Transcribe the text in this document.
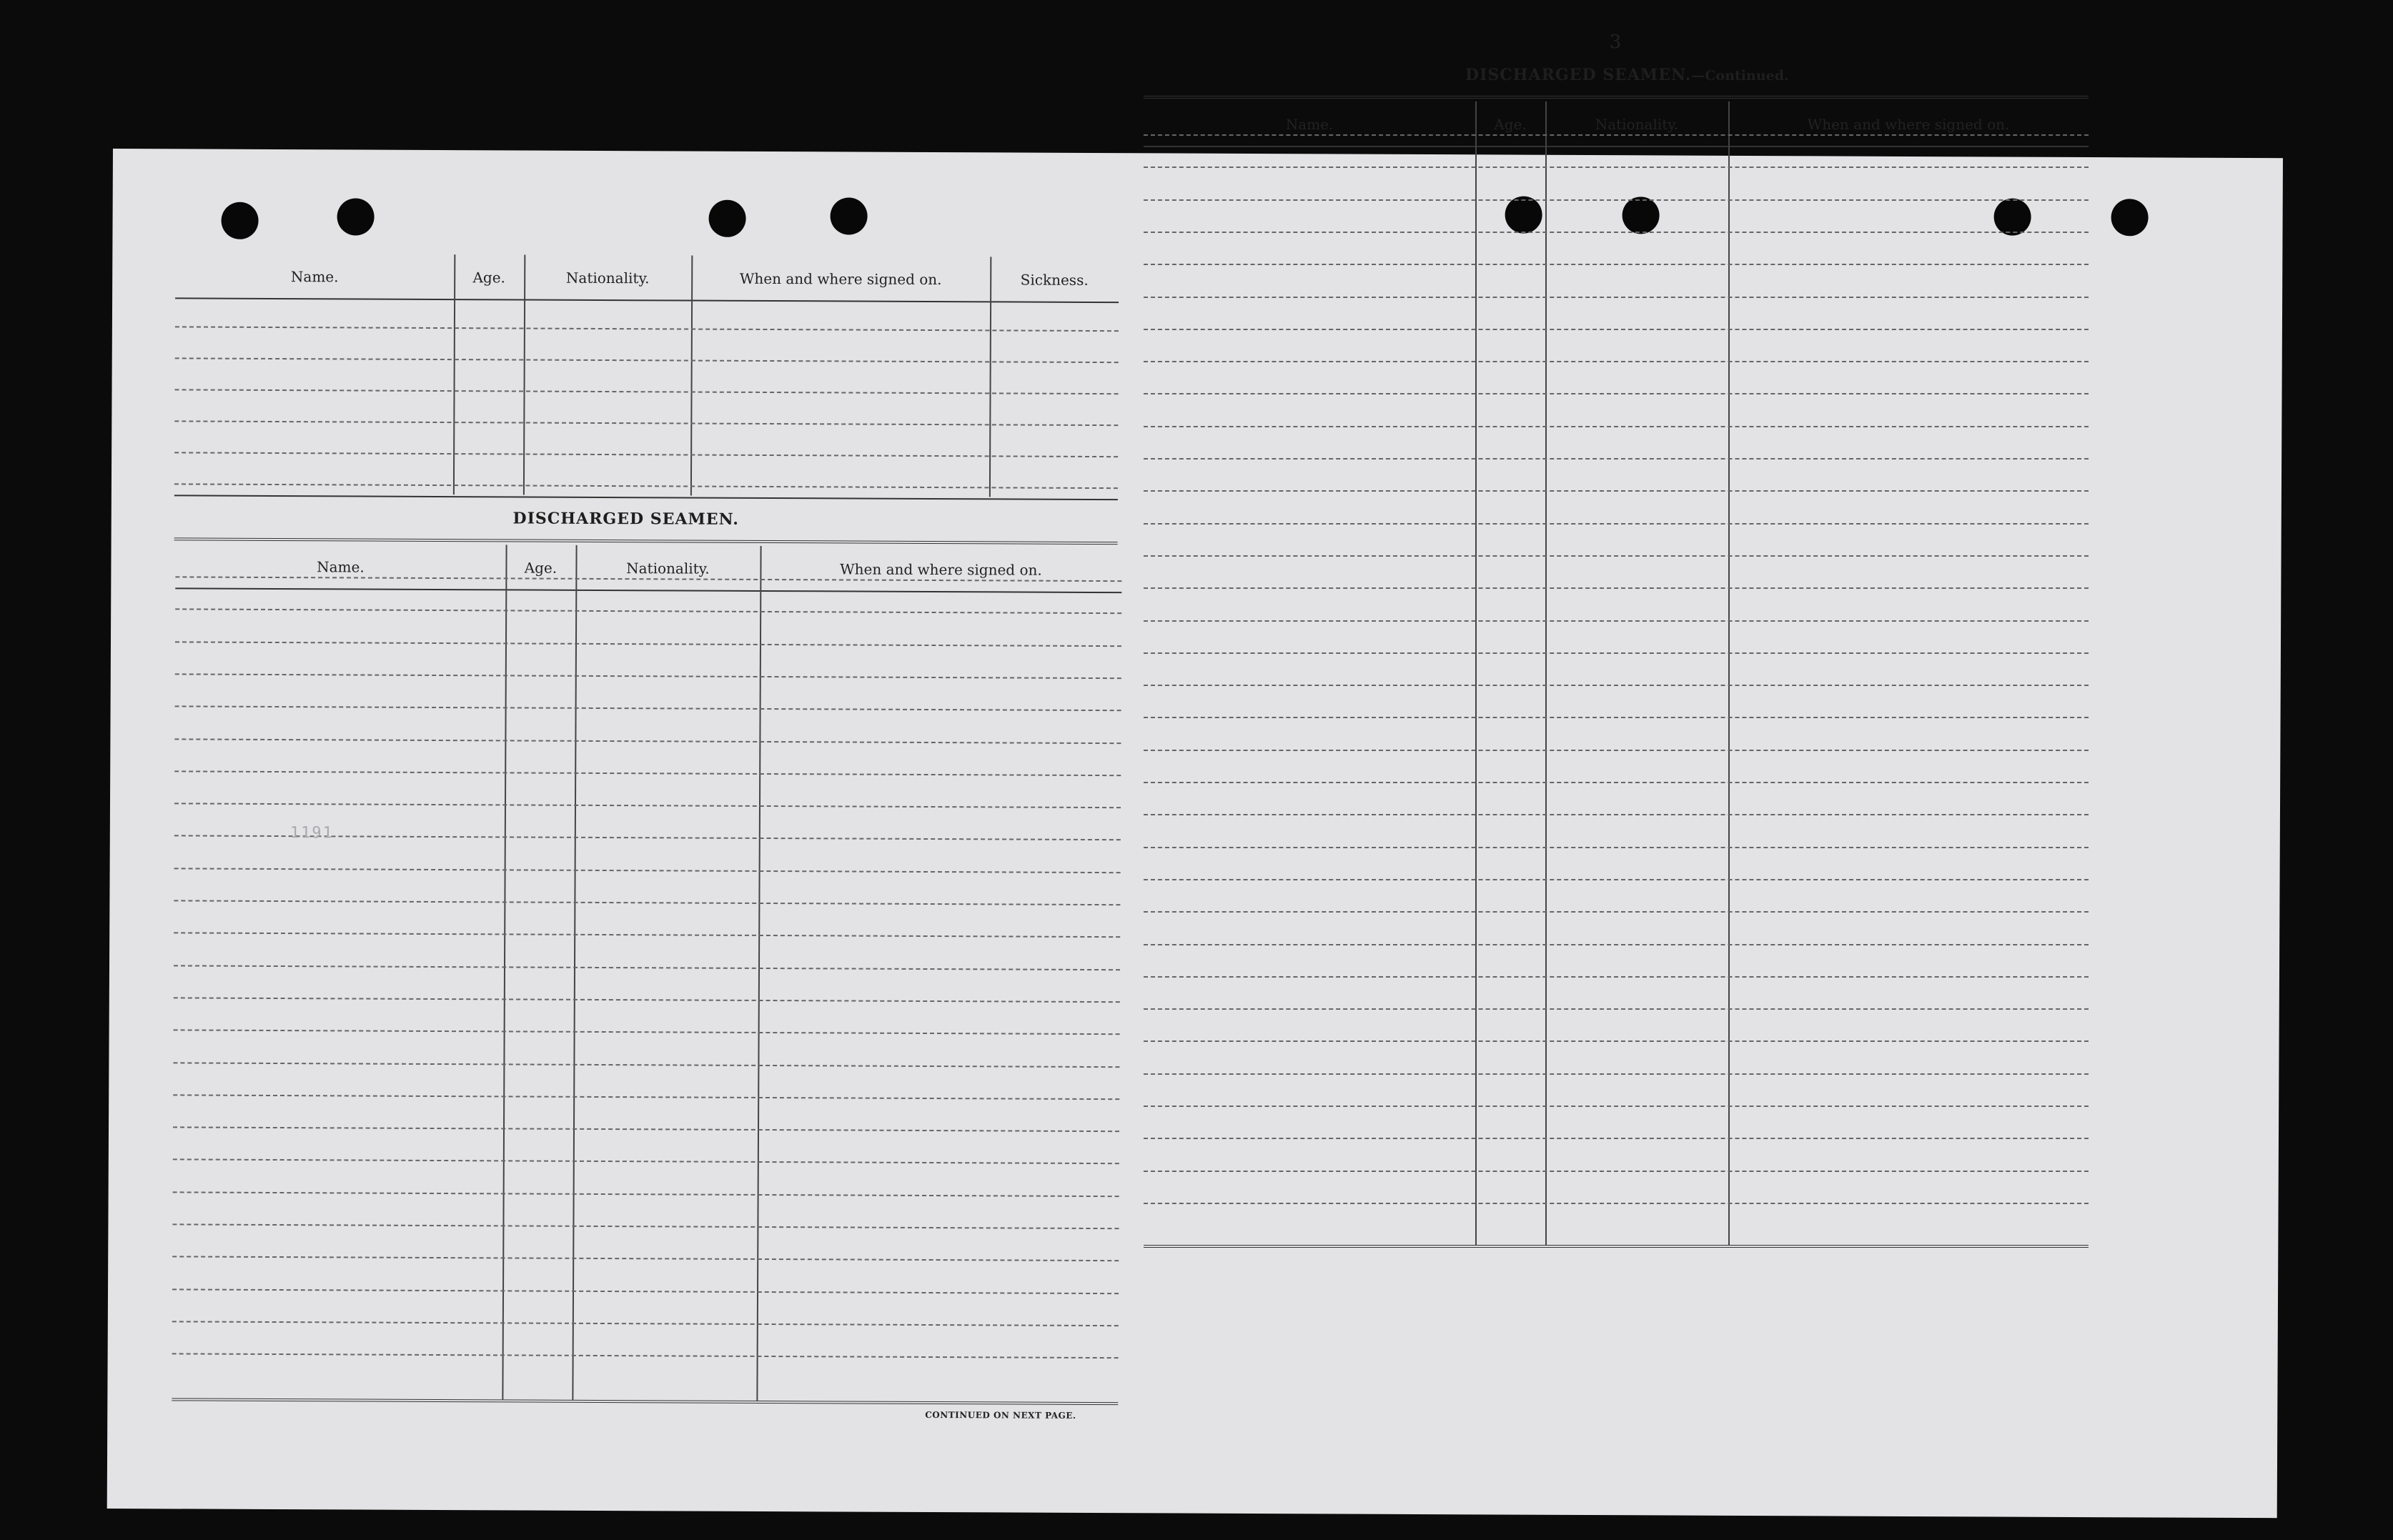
Name.	Age.	Nationality.	When and where signed on.	Sickness.
DISCHARGED SEAMEN.
Name.	Age.	Nationality.	When and where signed on.
CONTINUED ON NEXT PAGE.
1191
3
DISCHARGED SEAMEN.—Continued.
Name.	Age.	Nationality.	When and where signed on.
